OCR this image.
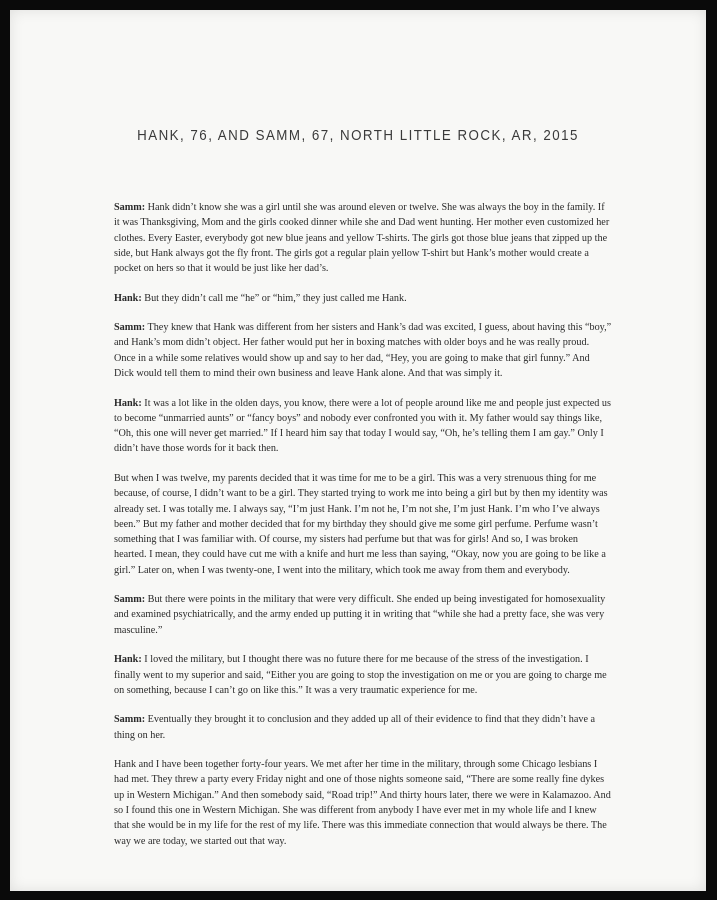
HANK, 76, AND SAMM, 67, NORTH LITTLE ROCK, AR, 2015

Samm: Hank didn’t know she was a girl until she was around eleven or twelve. She was always the boy in the family. If it was Thanksgiving, Mom and the girls cooked dinner while she and Dad went hunting. Her mother even customized her clothes. Every Easter, everybody got new blue jeans and yellow T-shirts. The girls got those blue jeans that zipped up the side, but Hank always got the fly front. The girls got a regular plain yellow T-shirt but Hank’s mother would create a pocket on hers so that it would be just like her dad’s.

Hank: But they didn’t call me “he” or “him,” they just called me Hank.

Samm: They knew that Hank was different from her sisters and Hank’s dad was excited, I guess, about having this “boy,” and Hank’s mom didn’t object. Her father would put her in boxing matches with older boys and he was really proud. Once in a while some relatives would show up and say to her dad, “Hey, you are going to make that girl funny.” And Dick would tell them to mind their own business and leave Hank alone. And that was simply it.

Hank: It was a lot like in the olden days, you know, there were a lot of people around like me and people just expected us to become “unmarried aunts” or “fancy boys” and nobody ever confronted you with it. My father would say things like, “Oh, this one will never get married.” If I heard him say that today I would say, “Oh, he’s telling them I am gay.” Only I didn’t have those words for it back then.

But when I was twelve, my parents decided that it was time for me to be a girl. This was a very strenuous thing for me because, of course, I didn’t want to be a girl. They started trying to work me into being a girl but by then my identity was already set. I was totally me. I always say, “I’m just Hank. I’m not he, I’m not she, I’m just Hank. I’m who I’ve always been.” But my father and mother decided that for my birthday they should give me some girl perfume. Perfume wasn’t something that I was familiar with. Of course, my sisters had perfume but that was for girls! And so, I was broken hearted. I mean, they could have cut me with a knife and hurt me less than saying, “Okay, now you are going to be like a girl.” Later on, when I was twenty-one, I went into the military, which took me away from them and everybody.

Samm: But there were points in the military that were very difficult. She ended up being investigated for homosexuality and examined psychiatrically, and the army ended up putting it in writing that “while she had a pretty face, she was very masculine.”

Hank: I loved the military, but I thought there was no future there for me because of the stress of the investigation. I finally went to my superior and said, “Either you are going to stop the investigation on me or you are going to charge me on something, because I can’t go on like this.” It was a very traumatic experience for me.

Samm: Eventually they brought it to conclusion and they added up all of their evidence to find that they didn’t have a thing on her.

Hank and I have been together forty-four years. We met after her time in the military, through some Chicago lesbians I had met. They threw a party every Friday night and one of those nights someone said, “There are some really fine dykes up in Western Michigan.” And then somebody said, “Road trip!” And thirty hours later, there we were in Kalamazoo. And so I found this one in Western Michigan. She was different from anybody I have ever met in my whole life and I knew that she would be in my life for the rest of my life. There was this immediate connection that would always be there. The way we are today, we started out that way.
